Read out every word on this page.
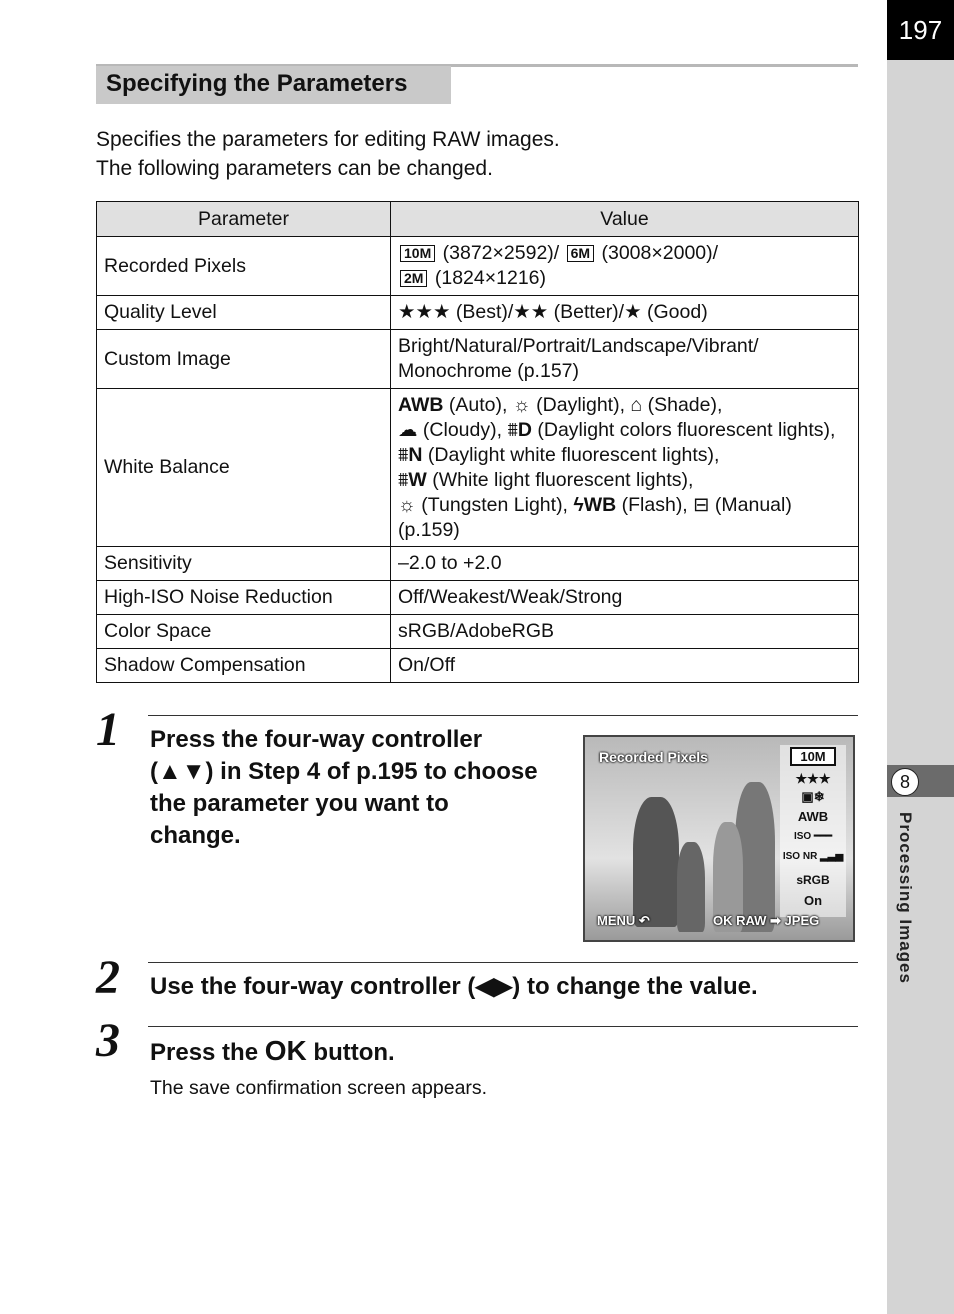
197
8
Processing Images
Specifying the Parameters
Specifies the parameters for editing RAW images.
The following parameters can be changed.
Parameter	Value
Recorded Pixels	10M (3872×2592)/ 6M (3008×2000)/
2M (1824×1216)
Quality Level	★★★ (Best)/★★ (Better)/★ (Good)
Custom Image	Bright/Natural/Portrait/Landscape/Vibrant/ Monochrome (p.157)
White Balance	AWB (Auto), ☼ (Daylight), ⌂ (Shade),
☁ (Cloudy), ⩩D (Daylight colors fluorescent lights), ⩩N (Daylight white fluorescent lights),
⩩W (White light fluorescent lights),
☼ (Tungsten Light), ϟWB (Flash), ⊟ (Manual) (p.159)
Sensitivity	–2.0 to +2.0
High-ISO Noise Reduction	Off/Weakest/Weak/Strong
Color Space	sRGB/AdobeRGB
Shadow Compensation	On/Off
1 Press the four-way controller
(▲▼) in Step 4 of p.195 to choose
the parameter you want to
change.
Recorded Pixels	10M
★★★
▣❄
AWB
ISO ━━━
ISO NR ▂▃▅
sRGB
On
MENU ↶	OK RAW ➡ JPEG
2 Use the four-way controller (◀▶) to change the value.
3 Press the OK button.
The save confirmation screen appears.
